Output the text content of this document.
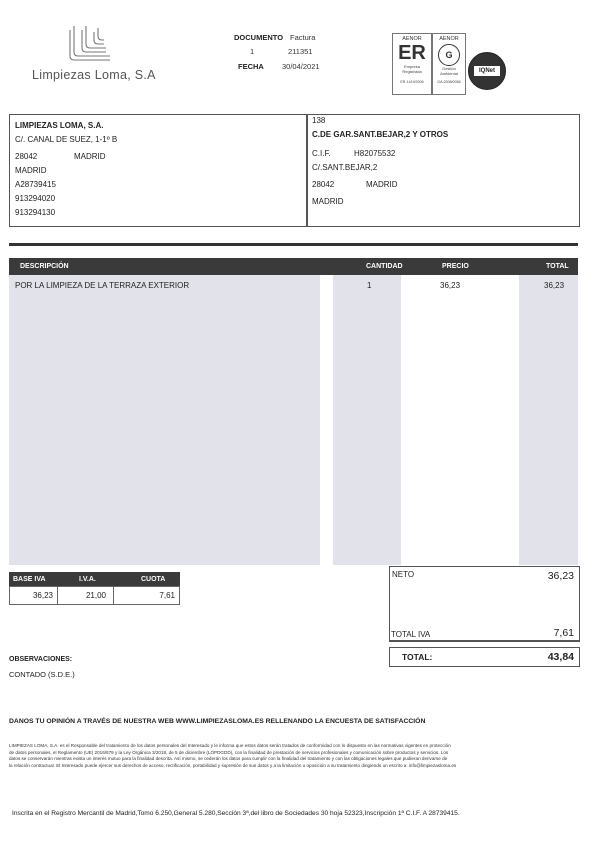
Limpiezas Loma, S.A
DOCUMENTO Factura
1	211351
FECHA 30/04/2021
AENOR
ER
Empresa
Registrada
ER-1419/2006
AENOR
G
Gestión
Ambiental
GA-2008/0056
IQNet
LIMPIEZAS LOMA, S.A.
C/. CANAL DE SUEZ, 1-1º B
28042	MADRID
MADRID
A28739415
913294020
913294130
138
C.DE GAR.SANT.BEJAR,2 Y OTROS
C.I.F.	H82075532
C/.SANT.BEJAR,2
28042	MADRID
MADRID
DESCRIPCIÓN	CANTIDAD	PRECIO	TOTAL
POR LA LIMPIEZA DE LA TERRAZA EXTERIOR	1	36,23	36,23
BASE IVA	I.V.A.	CUOTA
36,23	21,00	7,61
NETO	36,23
TOTAL IVA	7,61
TOTAL:	43,84
OBSERVACIONES:
CONTADO (S.D.E.)
DANOS TU OPINIÓN A TRAVÉS DE NUESTRA WEB WWW.LIMPIEZASLOMA.ES RELLENANDO LA ENCUESTA DE SATISFACCIÓN
LIMPIEZAS LOMA, S.A. es el Responsable del tratamiento de los datos personales del Interesado y le informa que estos datos serán tratados de conformidad con lo dispuesto en las normativas vigentes en protección
de datos personales, el Reglamento (UE) 2016/679 y la Ley Orgánica 3/2018, de 5 de diciembre (LOPDGDD), con la finalidad de prestación de servicios profesionales y comunicación sobre productos y servicios. Los
datos se conservarán mientras exista un interés mutuo para la finalidad descrita. Así mismo, se cederán los datos para cumplir con la finalidad del tratamiento y con las obligaciones legales que pudieran derivarse de
la relación contractual. El Interesado puede ejercer sus derechos de acceso, rectificación, portabilidad y supresión de sus datos y a la limitación u oposición a su tratamiento dirigiendo un escrito a: info@limpiezasloma.es
Inscrita en el Registro Mercantil de Madrid,Tomo 6.250,General 5.280,Sección 3ª,del libro de Sociedades 30 hoja 52323,Inscripción 1ª C.I.F. A 28739415.
